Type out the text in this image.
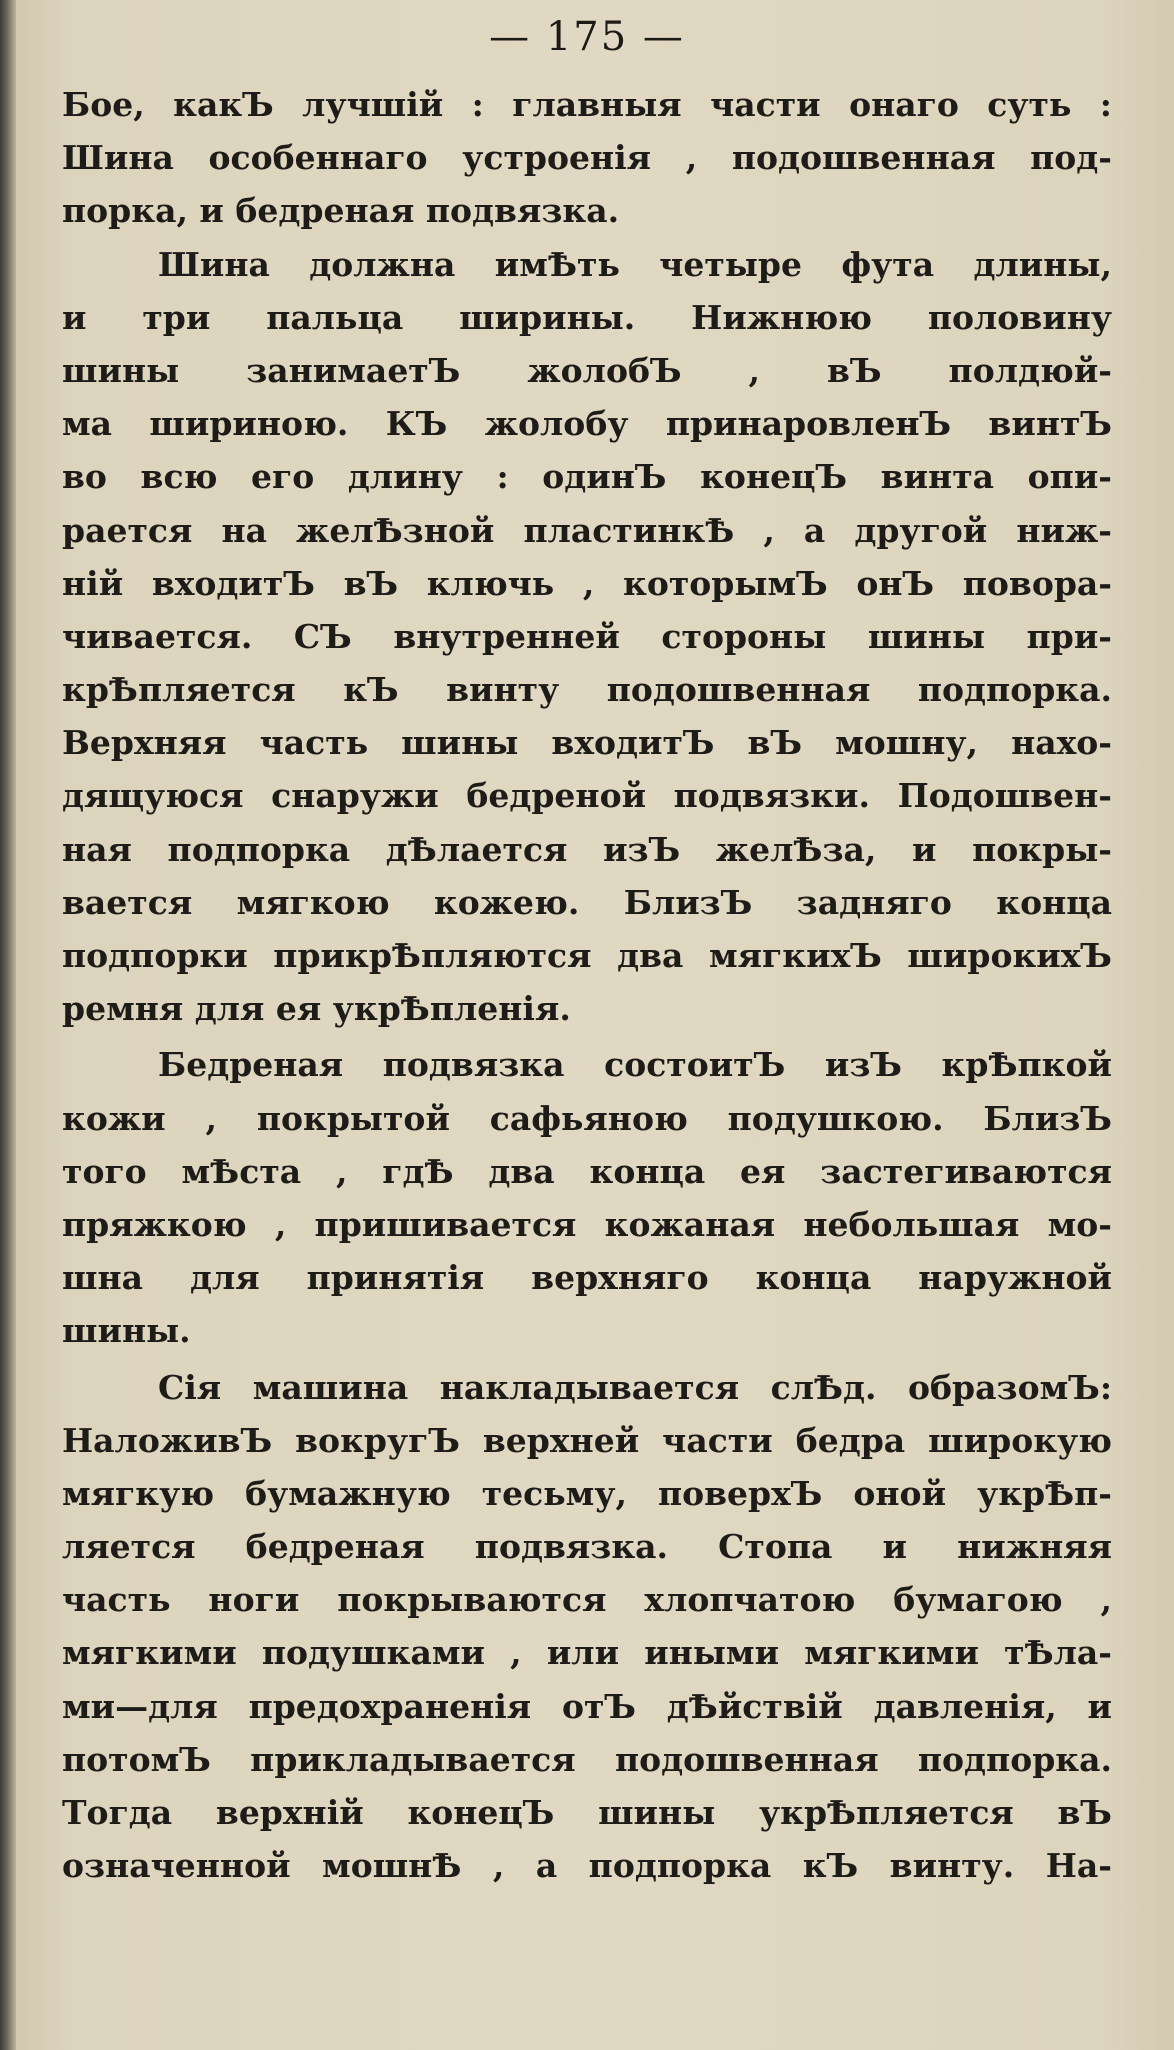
— 175 —
Боe, какЪ лучшiй : главныя части онаго суть :
Шина особеннаго устроенiя , подошвенная под-
порка, и бедреная подвязка.
Шина должна имѢть четыре фута длины,
и три пальца ширины. Нижнюю половину
шины занимаетЪ жолобЪ , вЪ полдюй-
ма шириною. КЪ жолобу принаровленЪ винтЪ
во всю его длину : одинЪ конецЪ винта опи-
рается на желѢзной пластинкѢ , а другой ниж-
нiй входитЪ вЪ ключь , которымЪ онЪ повора-
чивается. СЪ внутренней стороны шины при-
крѢпляется кЪ винту подошвенная подпорка.
Верхняя часть шины входитЪ вЪ мошну, нахо-
дящуюся снаружи бедреной подвязки. Подошвен-
ная подпорка дѢлается изЪ желѢза, и покры-
вается мягкою кожею. БлизЪ задняго конца
подпорки прикрѢпляются два мягкихЪ широкихЪ
ремня для ея укрѢпленiя.
Бедреная подвязка состоитЪ изЪ крѢпкой
кожи , покрытой сафьяною подушкою. БлизЪ
того мѢста , гдѢ два конца ея застегиваются
пряжкою , пришивается кожаная небольшая мо-
шна для принятiя верхняго конца наружной
шины.
Сiя машина накладывается слѢд. образомЪ:
НаложивЪ вокругЪ верхней части бедра широкую
мягкую бумажную тесьму, поверхЪ оной укрѢп-
ляется бедреная подвязка. Стопа и нижняя
часть ноги покрываются хлопчатою бумагою ,
мягкими подушками , или иными мягкими тѢла-
ми—для предохраненiя отЪ дѢйствiй давленiя, и
потомЪ прикладывается подошвенная подпорка.
Тогда верхнiй конецЪ шины укрѢпляется вЪ
означенной мошнѢ , а подпорка кЪ винту. На-
